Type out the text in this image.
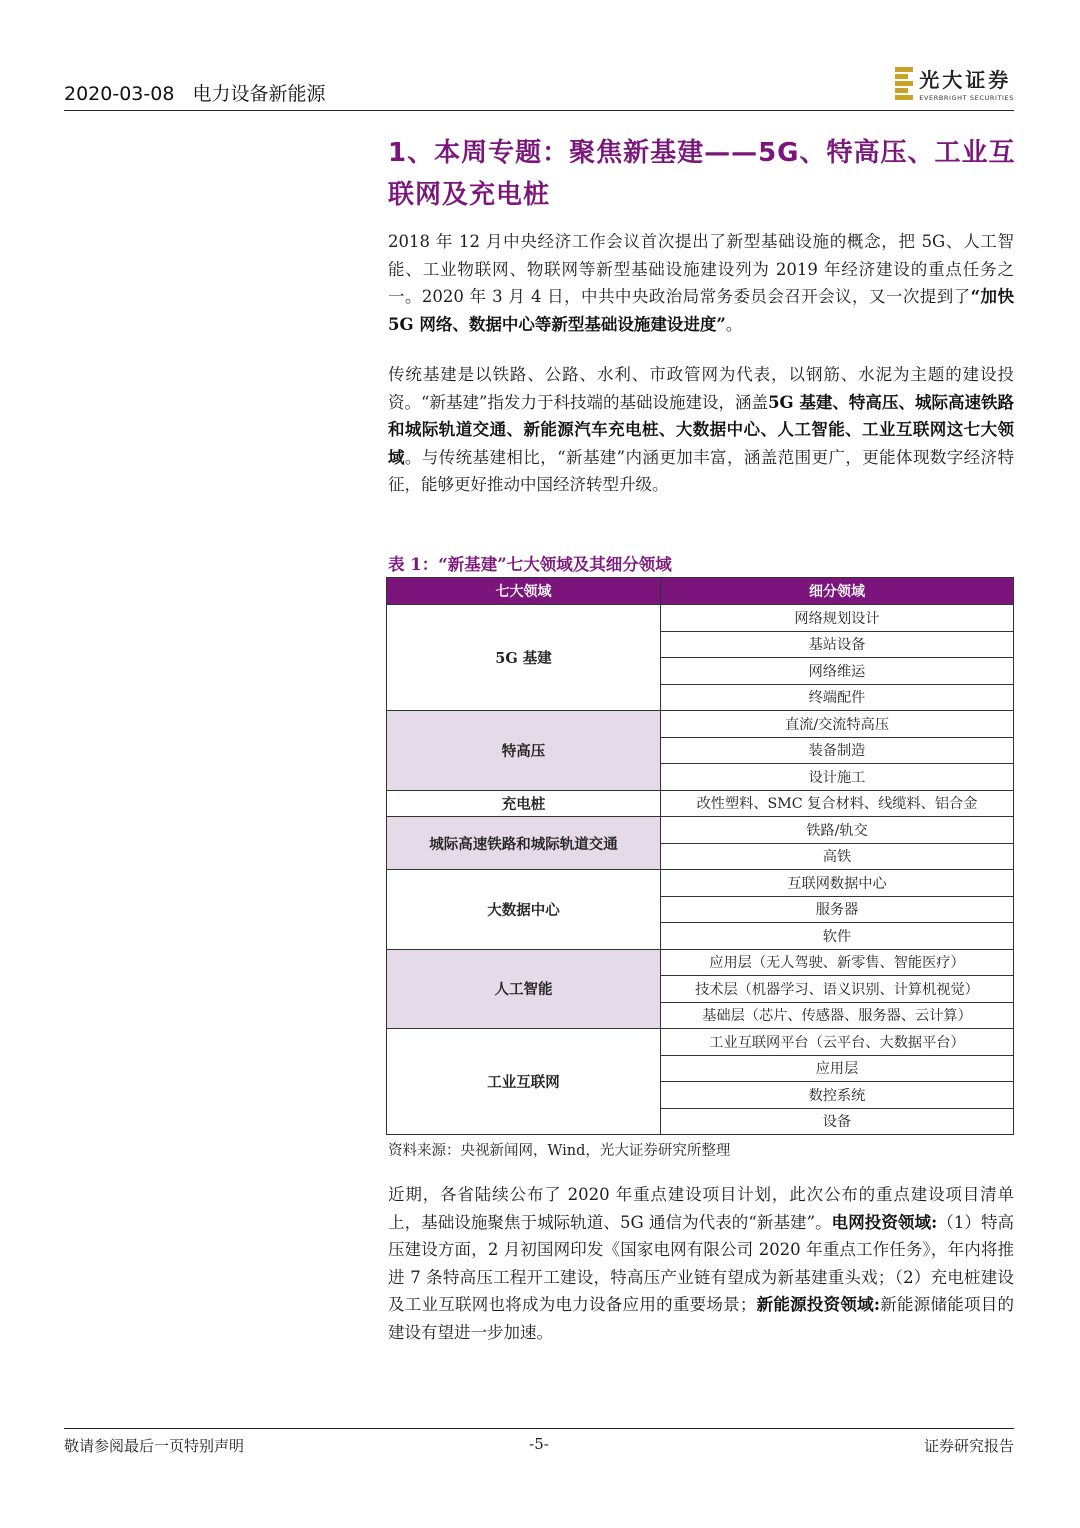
2020-03-08 电力设备新能源
光大证券
EVERBRIGHT SECURITIES
1、本周专题：聚焦新基建——5G、特高压、工业互联网及充电桩
2018 年 12 月中央经济工作会议首次提出了新型基础设施的概念，把 5G、人工智能、工业物联网、物联网等新型基础设施建设列为 2019 年经济建设的重点任务之一。2020 年 3 月 4 日，中共中央政治局常务委员会召开会议，又一次提到了“加快 5G 网络、数据中心等新型基础设施建设进度”。
传统基建是以铁路、公路、水利、市政管网为代表，以钢筋、水泥为主题的建设投资。“新基建”指发力于科技端的基础设施建设，涵盖5G 基建、特高压、城际高速铁路和城际轨道交通、新能源汽车充电桩、大数据中心、人工智能、工业互联网这七大领域。与传统基建相比，“新基建”内涵更加丰富，涵盖范围更广，更能体现数字经济特征，能够更好推动中国经济转型升级。
表 1：“新基建”七大领域及其细分领域
七大领域	细分领域
5G 基建	网络规划设计
	基站设备
	网络维运
	终端配件
特高压	直流/交流特高压
	装备制造
	设计施工
充电桩	改性塑料、SMC 复合材料、线缆料、铝合金
城际高速铁路和城际轨道交通	铁路/轨交
	高铁
大数据中心	互联网数据中心
	服务器
	软件
人工智能	应用层（无人驾驶、新零售、智能医疗）
	技术层（机器学习、语义识别、计算机视觉）
	基础层（芯片、传感器、服务器、云计算）
工业互联网	工业互联网平台（云平台、大数据平台）
	应用层
	数控系统
	设备
资料来源：央视新闻网，Wind，光大证券研究所整理
近期，各省陆续公布了 2020 年重点建设项目计划，此次公布的重点建设项目清单上，基础设施聚焦于城际轨道、5G 通信为代表的“新基建”。电网投资领域:（1）特高压建设方面，2 月初国网印发《国家电网有限公司 2020 年重点工作任务》，年内将推进 7 条特高压工程开工建设，特高压产业链有望成为新基建重头戏；（2）充电桩建设及工业互联网也将成为电力设备应用的重要场景；新能源投资领域:新能源储能项目的建设有望进一步加速。
敬请参阅最后一页特别声明	-5-	证券研究报告
